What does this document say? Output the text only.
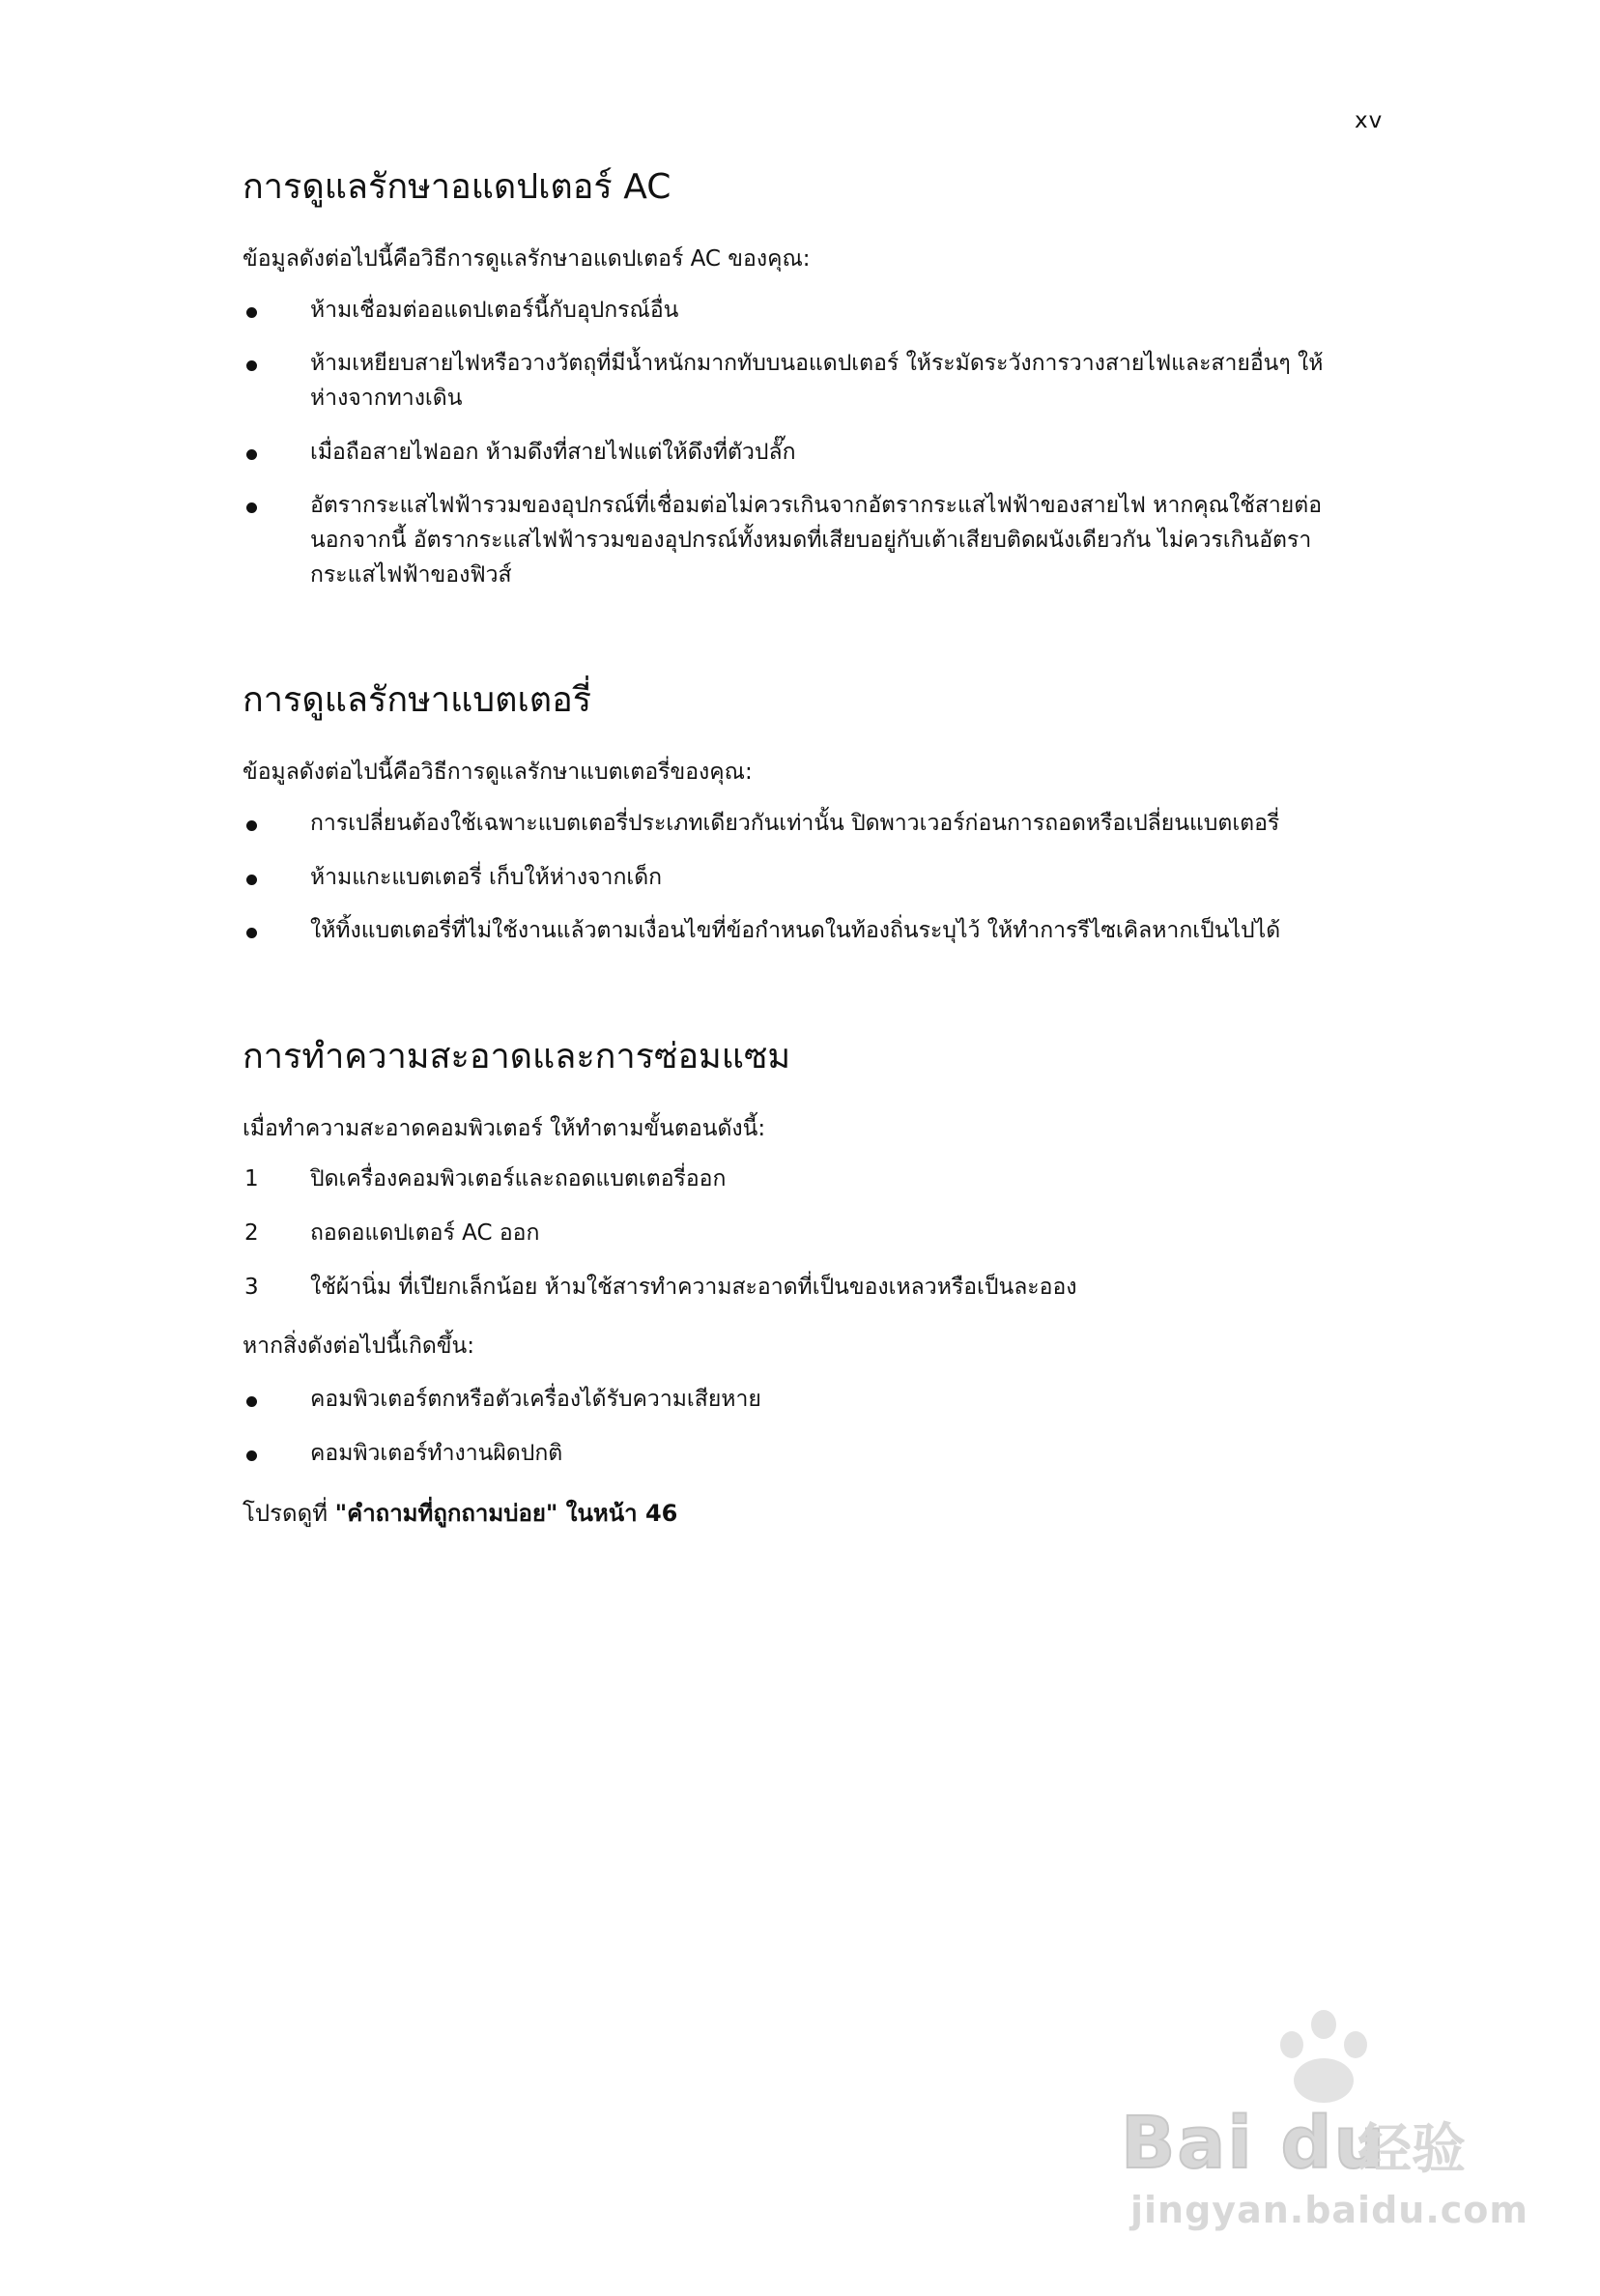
xv
การดูแลรักษาอแดปเตอร์ AC

ข้อมูลดังต่อไปนี้คือวิธีการดูแลรักษาอแดปเตอร์ AC ของคุณ:

ห้ามเชื่อมต่ออแดปเตอร์นี้กับอุปกรณ์อื่น
ห้ามเหยียบสายไฟหรือวางวัตถุที่มีน้ำหนักมากทับบนอแดปเตอร์ ให้ระมัดระวังการวางสายไฟและสายอื่นๆ ให้ห่างจากทางเดิน
เมื่อถือสายไฟออก ห้ามดึงที่สายไฟแต่ให้ดึงที่ตัวปลั๊ก
อัตรากระแสไฟฟ้ารวมของอุปกรณ์ที่เชื่อมต่อไม่ควรเกินจากอัตรากระแสไฟฟ้าของสายไฟ หากคุณใช้สายต่อ นอกจากนี้ อัตรากระแสไฟฟ้ารวมของอุปกรณ์ทั้งหมดที่เสียบอยู่กับเต้าเสียบติดผนังเดียวกัน ไม่ควรเกินอัตรากระแสไฟฟ้าของฟิวส์
การดูแลรักษาแบตเตอรี่

ข้อมูลดังต่อไปนี้คือวิธีการดูแลรักษาแบตเตอรี่ของคุณ:

การเปลี่ยนต้องใช้เฉพาะแบตเตอรี่ประเภทเดียวกันเท่านั้น ปิดพาวเวอร์ก่อนการถอดหรือเปลี่ยนแบตเตอรี่
ห้ามแกะแบตเตอรี่ เก็บให้ห่างจากเด็ก
ให้ทิ้งแบตเตอรี่ที่ไม่ใช้งานแล้วตามเงื่อนไขที่ข้อกำหนดในท้องถิ่นระบุไว้ ให้ทำการรีไซเคิลหากเป็นไปได้
การทำความสะอาดและการซ่อมแซม

เมื่อทำความสะอาดคอมพิวเตอร์ ให้ทำตามขั้นตอนดังนี้:

1 ปิดเครื่องคอมพิวเตอร์และถอดแบตเตอรี่ออก
2 ถอดอแดปเตอร์ AC ออก
3 ใช้ผ้านิ่ม ที่เปียกเล็กน้อย ห้ามใช้สารทำความสะอาดที่เป็นของเหลวหรือเป็นละออง

หากสิ่งดังต่อไปนี้เกิดขึ้น:

คอมพิวเตอร์ตกหรือตัวเครื่องได้รับความเสียหาย
คอมพิวเตอร์ทำงานผิดปกติ

โปรดดูที่ "คำถามที่ถูกถามบ่อย" ในหน้า 46

Bai du
经验
jingyan.baidu.com
